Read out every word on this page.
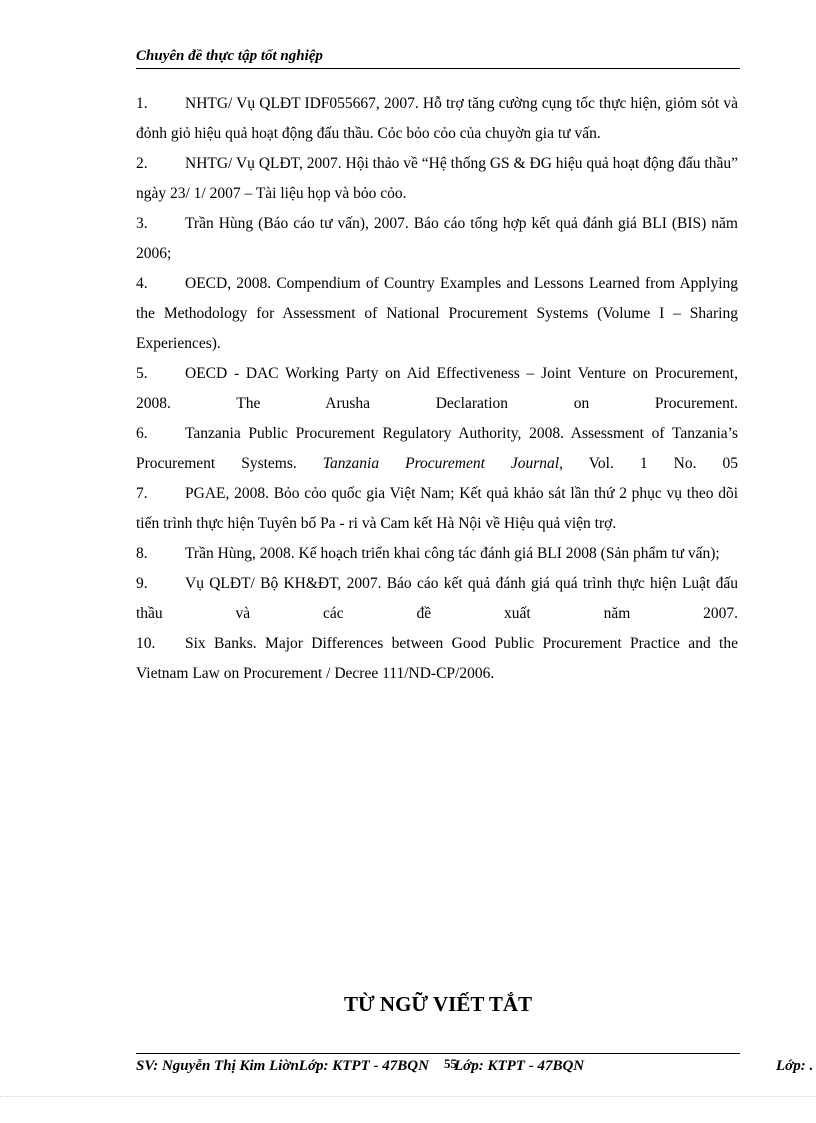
Chuyên đề thực tập tốt nghiệp
1. NHTG/ Vụ QLĐT IDF055667, 2007. Hỗ trợ tăng cường cụng tốc thực hiện, giỏm sỏt và đỏnh giỏ hiệu quả hoạt động đấu thầu. Cỏc bỏo cỏo của chuyờn gia tư vấn.
2. NHTG/ Vụ QLĐT, 2007. Hội thảo về “Hệ thống GS & ĐG hiệu quả hoạt động đấu thầu” ngày 23/ 1/ 2007 – Tài liệu họp và bỏo cỏo.
3. Trần Hùng (Báo cáo tư vấn), 2007. Báo cáo tổng hợp kết quả đánh giá BLI (BIS) năm 2006;
4. OECD, 2008. Compendium of Country Examples and Lessons Learned from Applying the Methodology for Assessment of National Procurement Systems (Volume I – Sharing Experiences).
5. OECD - DAC Working Party on Aid Effectiveness – Joint Venture on Procurement, 2008. The Arusha Declaration on Procurement.
6. Tanzania Public Procurement Regulatory Authority, 2008. Assessment of Tanzania’s Procurement Systems. Tanzania Procurement Journal, Vol. 1 No. 05
7. PGAE, 2008. Bỏo cỏo quốc gia Việt Nam; Kết quả khảo sát lần thứ 2 phục vụ theo dõi tiến trình thực hiện Tuyên bố Pa - ri và Cam kết Hà Nội về Hiệu quả viện trợ.
8. Trần Hùng, 2008. Kế hoạch triển khai công tác đánh giá BLI 2008 (Sản phẩm tư vấn);
9. Vụ QLĐT/ Bộ KH&ĐT, 2007. Báo cáo kết quả đánh giá quá trình thực hiện Luật đấu thầu và các đề xuất năm 2007.
10. Six Banks. Major Differences between Good Public Procurement Practice and the Vietnam Law on Procurement / Decree 111/ND-CP/2006.
TỪ NGỮ VIẾT TẮT
SV: Nguyễn Thị Kim LiờnLớp: KTPT - 47BQN 55
Lớp: KTPT - 47BQN	Lớp: .
